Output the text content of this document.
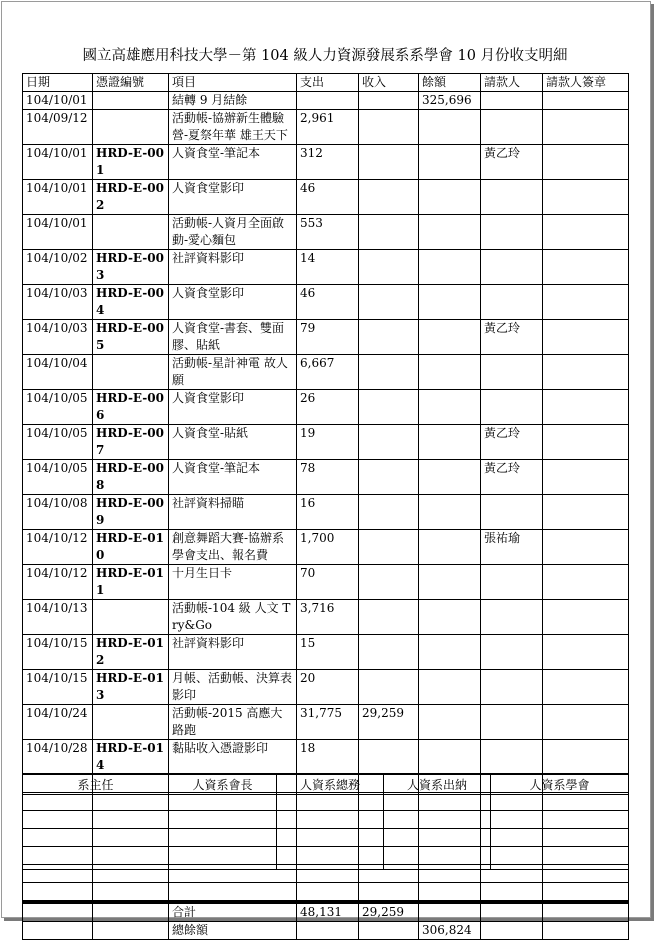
國立高雄應用科技大學－第 104 級人力資源發展系系學會 10 月份收支明細
日期	憑證編號	項目	支出	收入	餘額	請款人	請款人簽章
104/10/01		結轉 9 月結餘			325,696		
104/09/12		活動帳-協辦新生體驗營-夏祭年華 雄王天下	2,961				
104/10/01	HRD-E-001	人資食堂-筆記本	312			黃乙玲	
104/10/01	HRD-E-002	人資食堂影印	46				
104/10/01		活動帳-人資月全面啟動-愛心麵包	553				
104/10/02	HRD-E-003	社評資料影印	14				
104/10/03	HRD-E-004	人資食堂影印	46				
104/10/03	HRD-E-005	人資食堂-書套、雙面膠、貼紙	79			黃乙玲	
104/10/04		活動帳-星計神電 故人願	6,667				
104/10/05	HRD-E-006	人資食堂影印	26				
104/10/05	HRD-E-007	人資食堂-貼紙	19			黃乙玲	
104/10/05	HRD-E-008	人資食堂-筆記本	78			黃乙玲	
104/10/08	HRD-E-009	社評資料掃瞄	16				
104/10/12	HRD-E-010	創意舞蹈大賽-協辦系學會支出、報名費	1,700			張祐瑜	
104/10/12	HRD-E-011	十月生日卡	70				
104/10/13		活動帳-104 級 人文 Try&Go	3,716				
104/10/15	HRD-E-012	社評資料影印	15				
104/10/15	HRD-E-013	月帳、活動帳、決算表影印	20				
104/10/24		活動帳-2015 高應大路跑	31,775	29,259			
104/10/28	HRD-E-014	黏貼收入憑證影印	18				

		合計	48,131	29,259			
		總餘額			306,824		
系主任	人資系會長	人資系總務	人資系出納	人資系學會
